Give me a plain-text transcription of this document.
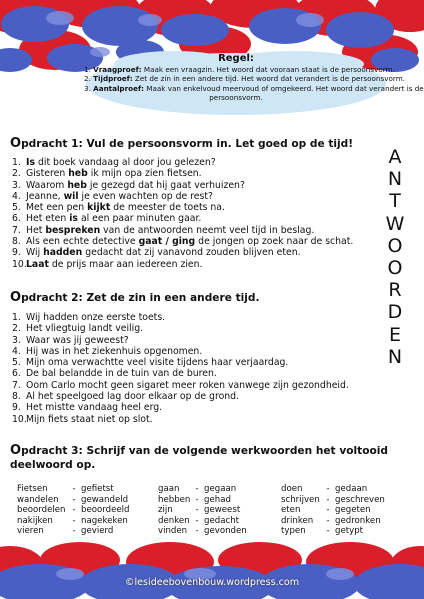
Regel:
1. Vraagproef: Maak een vraagzin. Het woord dat vooraan staat is de persoonsvorm.
2. Tijdproef: Zet de zin in een andere tijd. Het woord dat verandert is de persoonsvorm.
3. Aantalproef: Maak van enkelvoud meervoud of omgekeerd. Het woord dat verandert is de
persoonsvorm.
A
N
T
W
O
O
R
D
E
N
Opdracht 1: Vul de persoonsvorm in. Let goed op de tijd!
1. Is dit boek vandaag al door jou gelezen?
2. Gisteren heb ik mijn opa zien fietsen.
3. Waarom heb je gezegd dat hij gaat verhuizen?
4. Jeanne, wil je even wachten op de rest?
5. Met een pen kijkt de meester de toets na.
6. Het eten is al een paar minuten gaar.
7. Het bespreken van de antwoorden neemt veel tijd in beslag.
8. Als een echte detective gaat / ging de jongen op zoek naar de schat.
9. Wij hadden gedacht dat zij vanavond zouden blijven eten.
10.Laat de prijs maar aan iedereen zien.
Opdracht 2: Zet de zin in een andere tijd.
1. Wij hadden onze eerste toets.
2. Het vliegtuig landt veilig.
3. Waar was jij geweest?
4. Hij was in het ziekenhuis opgenomen.
5. Mijn oma verwachtte veel visite tijdens haar verjaardag.
6. De bal belandde in de tuin van de buren.
7. Oom Carlo mocht geen sigaret meer roken vanwege zijn gezondheid.
8. Al het speelgoed lag door elkaar op de grond.
9. Het mistte vandaag heel erg.
10.Mijn fiets staat niet op slot.
Opdracht 3: Schrijf van de volgende werkwoorden het voltooid
deelwoord op.
Fietsen	- gefietst
wandelen - gewandeld
beoordelen - beoordeeld
nakijken - nagekeken
vieren	- gevierd
gaan - gegaan
hebben - gehad
zijn	- geweest
denken - gedacht
vinden - gevonden
doen	- gedaan
schrijven - geschreven
eten	- gegeten
drinken - gedronken
typen - getypt
©lesideebovenbouw.wordpress.com
